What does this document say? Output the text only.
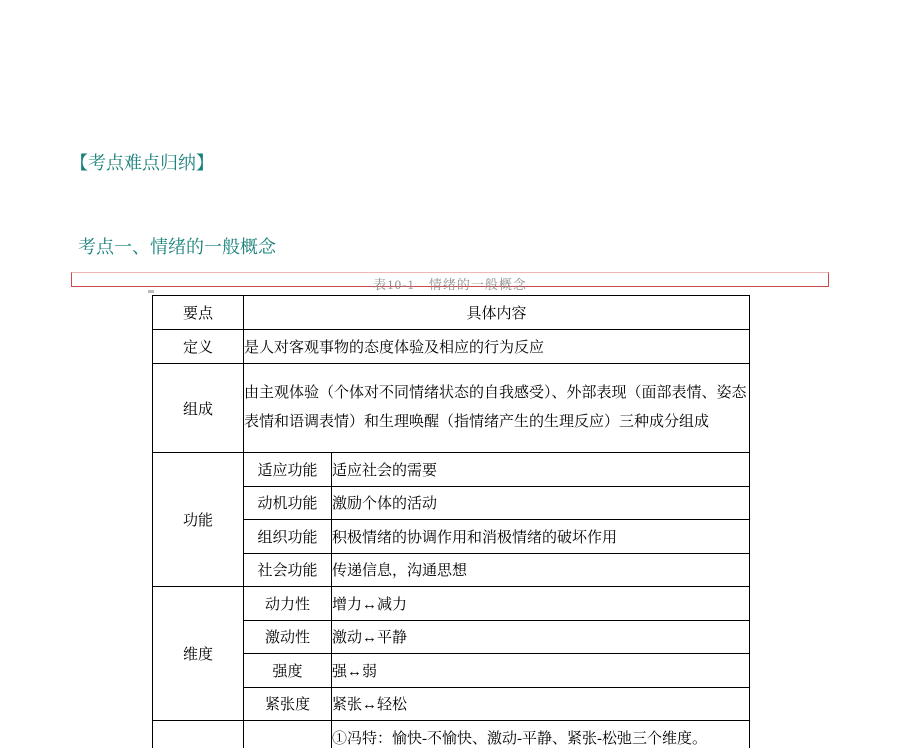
【考点难点归纳】
考点一、情绪的一般概念
表10-1　情绪的一般概念
要点	具体内容	
定义	是人对客观事物的态度体验及相应的行为反应	
组成	由主观体验（个体对不同情绪状态的自我感受）、外部表现（面部表情、姿态表情和语调表情）和生理唤醒（指情绪产生的生理反应）三种成分组成	
功能	适应功能	适应社会的需要
	动机功能	激励个体的活动
	组织功能	积极情绪的协调作用和消极情绪的破坏作用
	社会功能	传递信息，沟通思想
维度	动力性	增力↔减力
	激动性	激动↔平静
	强度	强↔弱
	紧张度	紧张↔轻松
		①冯特：愉快-不愉快、激动-平静、紧张-松弛三个维度。
